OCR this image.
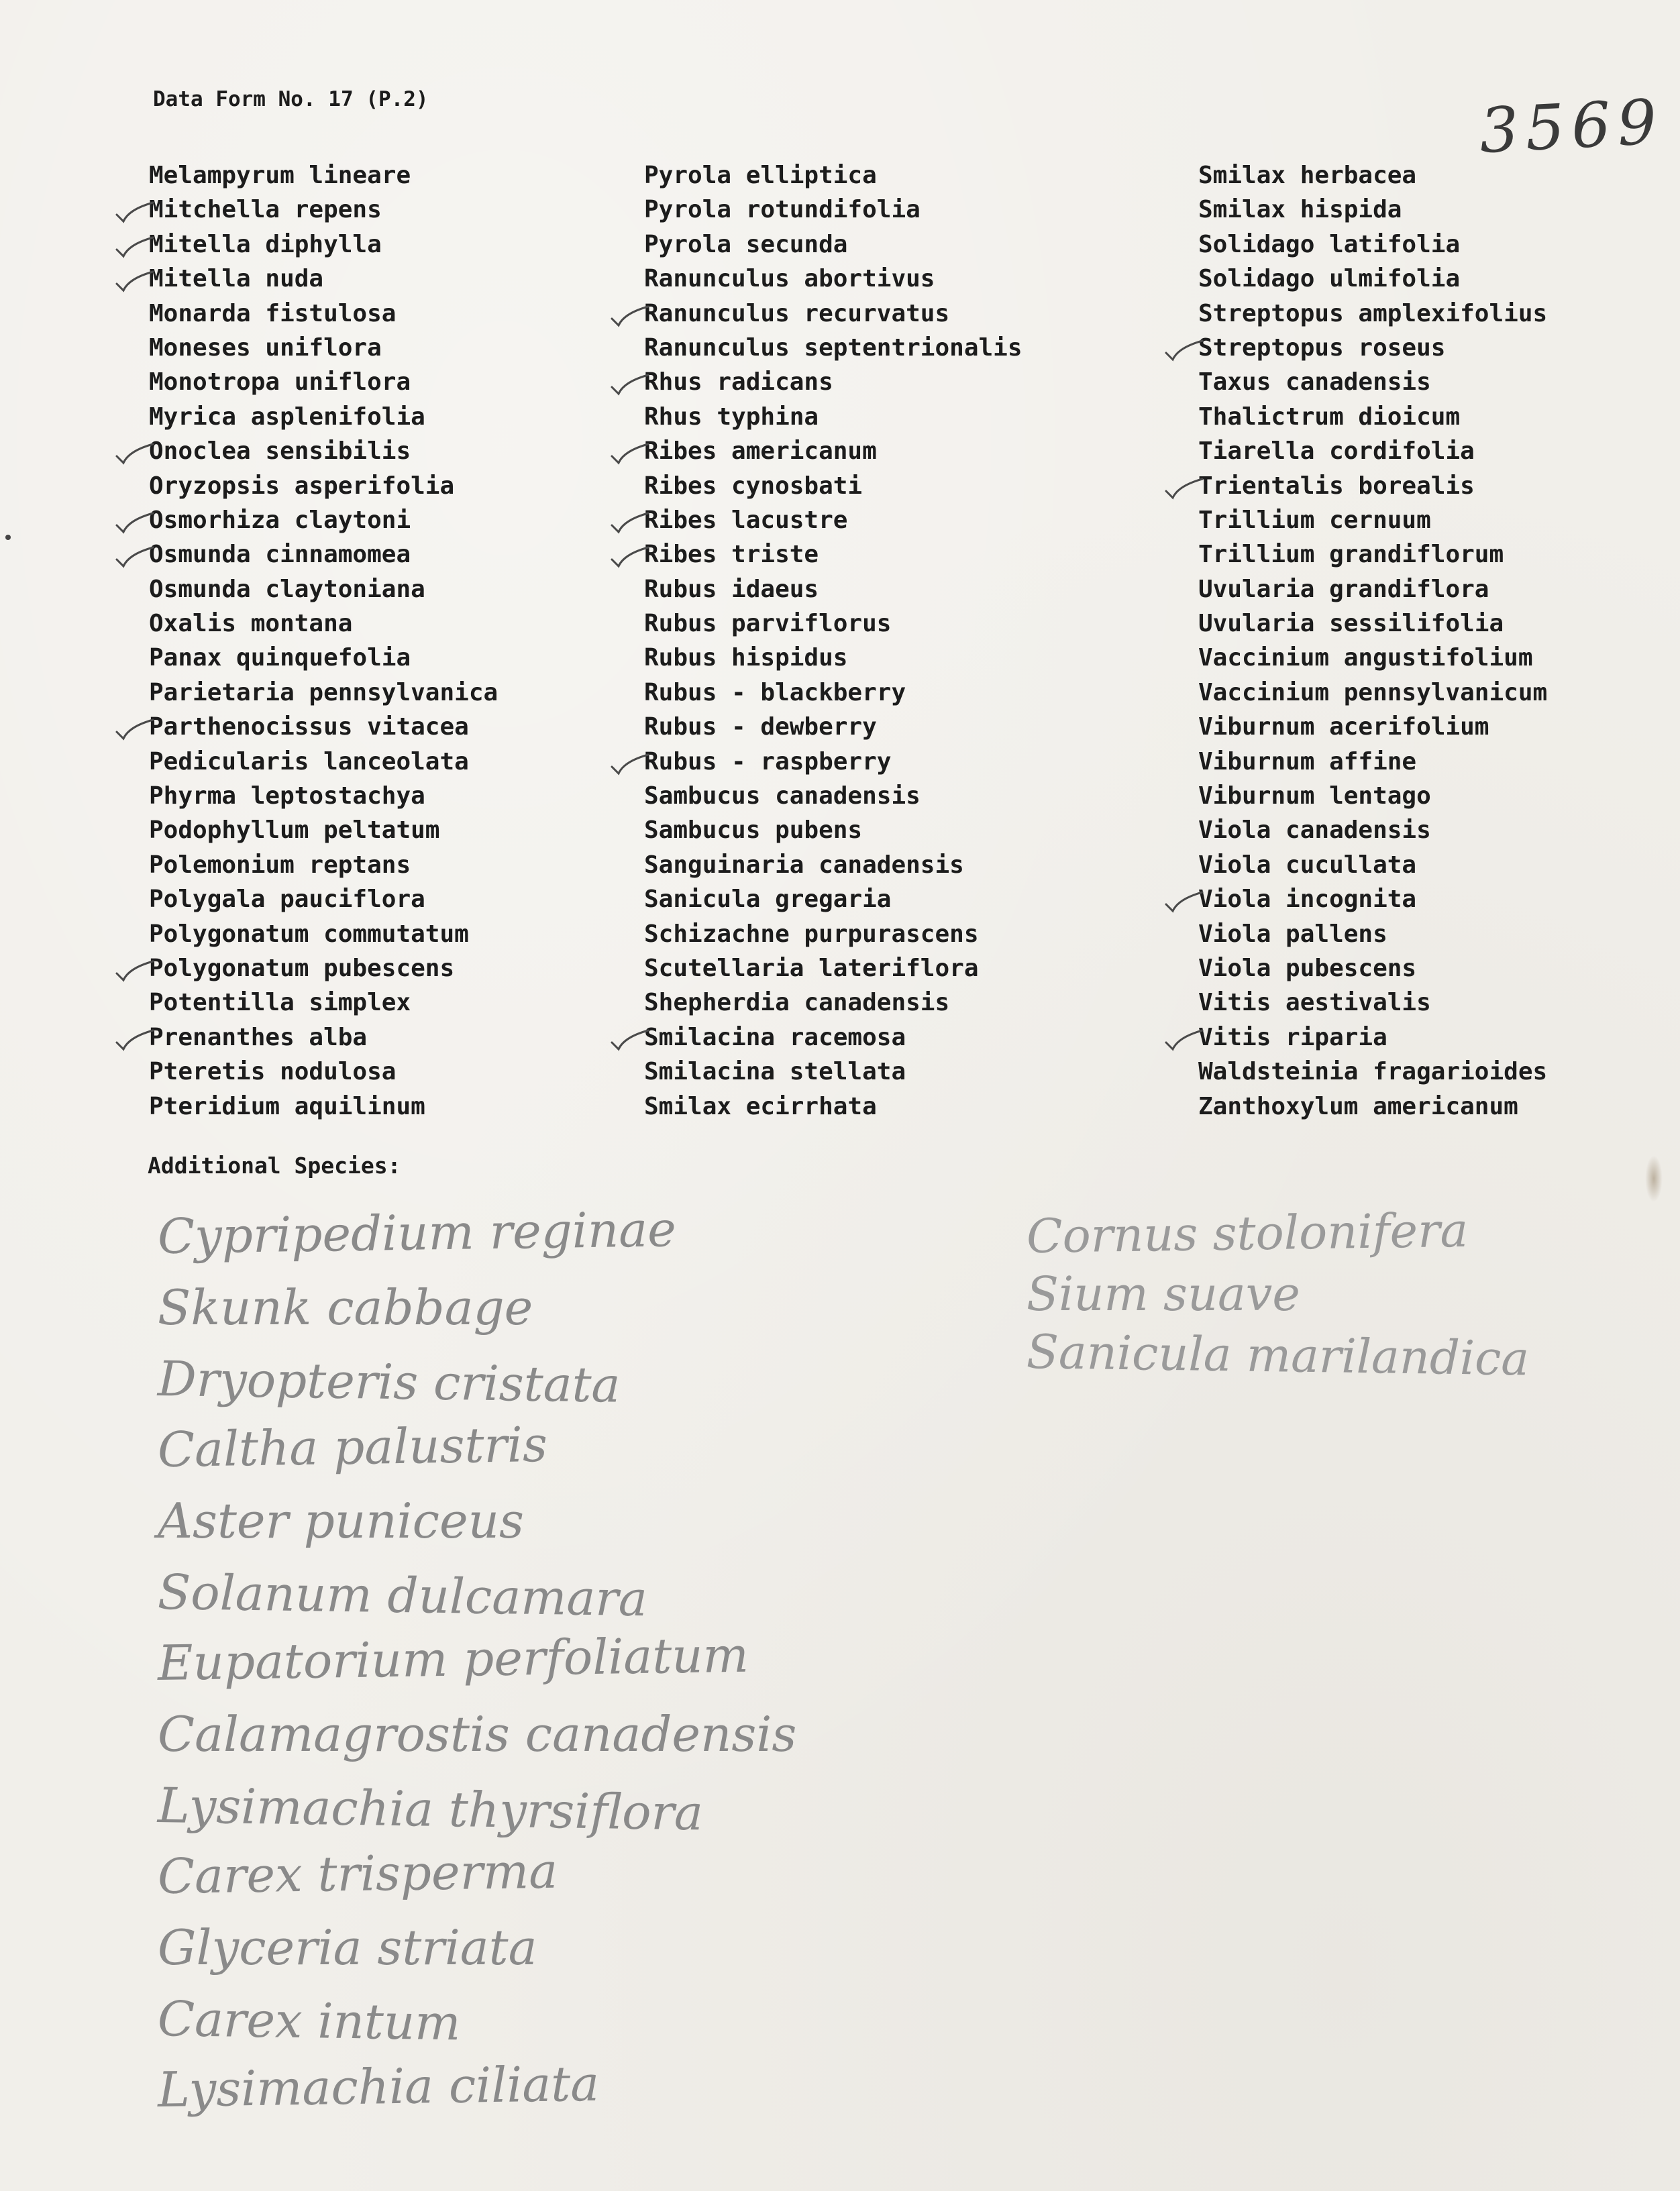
Data Form No. 17 (P.2)	3569
Melampyrum lineare
Mitchella repens
Mitella diphylla
Mitella nuda
Monarda fistulosa
Moneses uniflora
Monotropa uniflora
Myrica asplenifolia
Onoclea sensibilis
Oryzopsis asperifolia
Osmorhiza claytoni
Osmunda cinnamomea
Osmunda claytoniana
Oxalis montana
Panax quinquefolia
Parietaria pennsylvanica
Parthenocissus vitacea
Pedicularis lanceolata
Phyrma leptostachya
Podophyllum peltatum
Polemonium reptans
Polygala pauciflora
Polygonatum commutatum
Polygonatum pubescens
Potentilla simplex
Prenanthes alba
Pteretis nodulosa
Pteridium aquilinum
Pyrola elliptica
Pyrola rotundifolia
Pyrola secunda
Ranunculus abortivus
Ranunculus recurvatus
Ranunculus septentrionalis
Rhus radicans
Rhus typhina
Ribes americanum
Ribes cynosbati
Ribes lacustre
Ribes triste
Rubus idaeus
Rubus parviflorus
Rubus hispidus
Rubus - blackberry
Rubus - dewberry
Rubus - raspberry
Sambucus canadensis
Sambucus pubens
Sanguinaria canadensis
Sanicula gregaria
Schizachne purpurascens
Scutellaria lateriflora
Shepherdia canadensis
Smilacina racemosa
Smilacina stellata
Smilax ecirrhata
Smilax herbacea
Smilax hispida
Solidago latifolia
Solidago ulmifolia
Streptopus amplexifolius
Streptopus roseus
Taxus canadensis
Thalictrum dioicum
Tiarella cordifolia
Trientalis borealis
Trillium cernuum
Trillium grandiflorum
Uvularia grandiflora
Uvularia sessilifolia
Vaccinium angustifolium
Vaccinium pennsylvanicum
Viburnum acerifolium
Viburnum affine
Viburnum lentago
Viola canadensis
Viola cucullata
Viola incognita
Viola pallens
Viola pubescens
Vitis aestivalis
Vitis riparia
Waldsteinia fragarioides
Zanthoxylum americanum
Additional Species:
Cypripedium reginae
Skunk cabbage
Dryopteris cristata
Caltha palustris
Aster puniceus
Solanum dulcamara
Eupatorium perfoliatum
Calamagrostis canadensis
Lysimachia thyrsiflora
Carex trisperma
Glyceria striata
Carex intum
Lysimachia ciliata
Cornus stolonifera
Sium suave
Sanicula marilandica
